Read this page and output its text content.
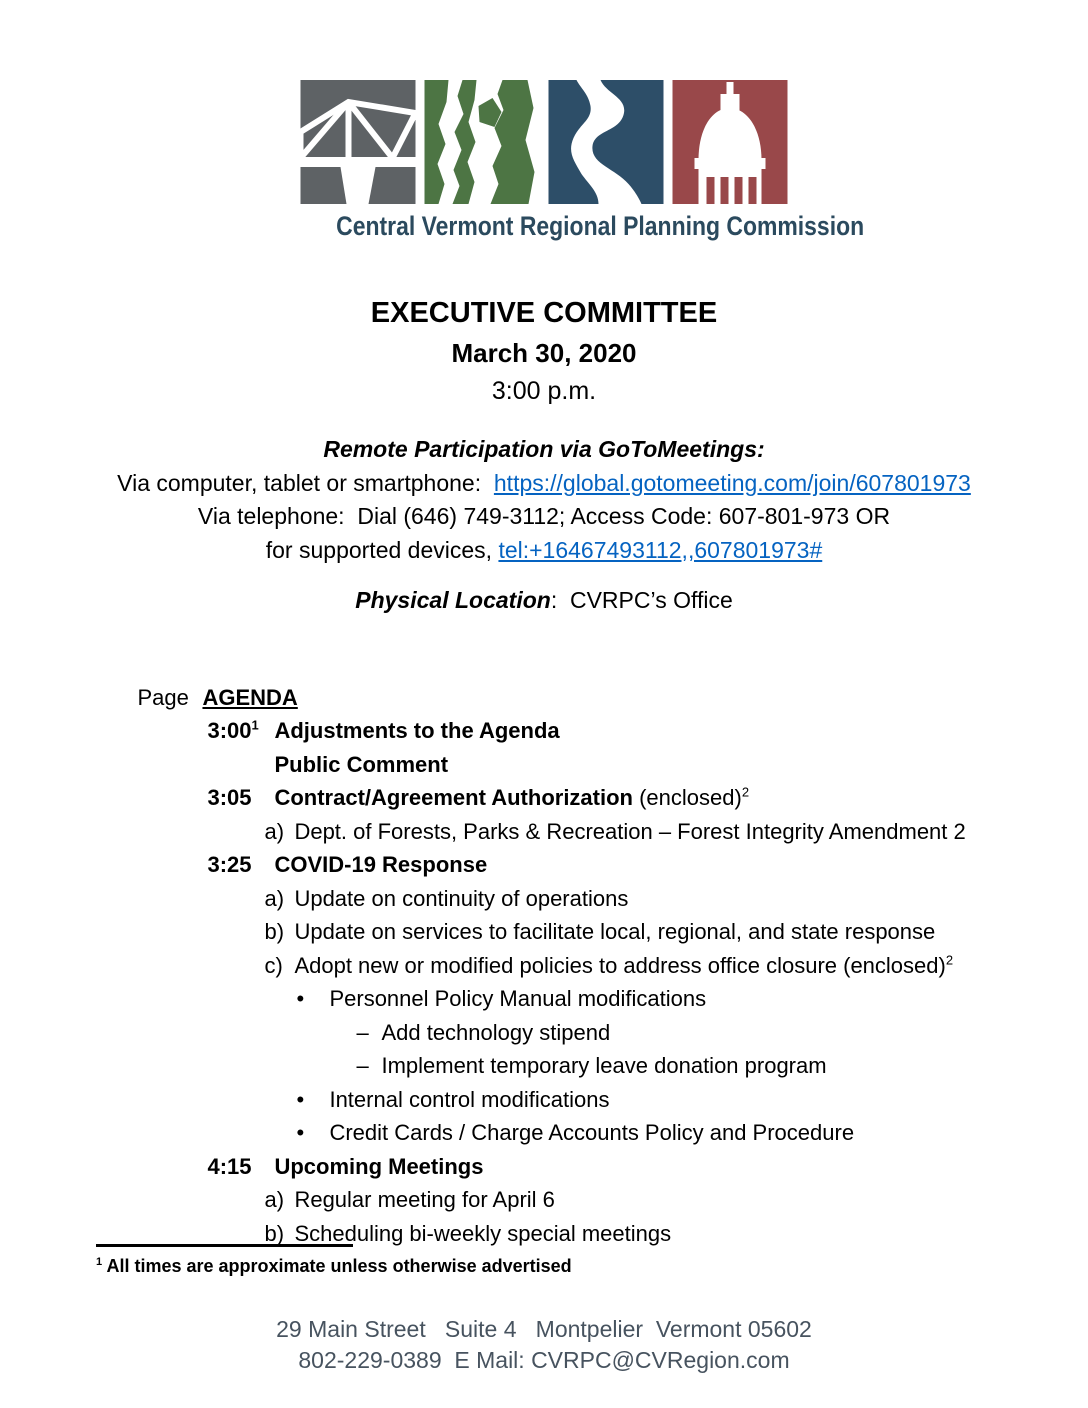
Central Vermont Regional Planning Commission
EXECUTIVE COMMITTEE
March 30, 2020
3:00 p.m.
Remote Participation via GoToMeetings:
Via computer, tablet or smartphone:  https://global.gotomeeting.com/join/607801973
Via telephone:  Dial (646) 749-3112; Access Code: 607-801-973 OR
for supported devices, tel:+16467493112,,607801973#
Physical Location:  CVRPC’s Office

Page AGENDA

$3:00^1$ Adjustments to the Agenda

Public Comment

3:05 Contract/Agreement Authorization (enclosed)$^2$

a) Dept. of Forests, Parks & Recreation – Forest Integrity Amendment 2

3:25 COVID-19 Response

a) Update on continuity of operations

b) Update on services to facilitate local, regional, and state response

c) Adopt new or modified policies to address office closure (enclosed)$^2$

• Personnel Policy Manual modifications

– Add technology stipend

– Implement temporary leave donation program

• Internal control modifications

• Credit Cards / Charge Accounts Policy and Procedure

4:15 Upcoming Meetings

a) Regular meeting for April 6

b) Scheduling bi-weekly special meetings

$^1$ All times are approximate unless otherwise advertised
29 Main Street   Suite 4   Montpelier  Vermont 05602
802-229-0389  E Mail: CVRPC@CVRegion.com
